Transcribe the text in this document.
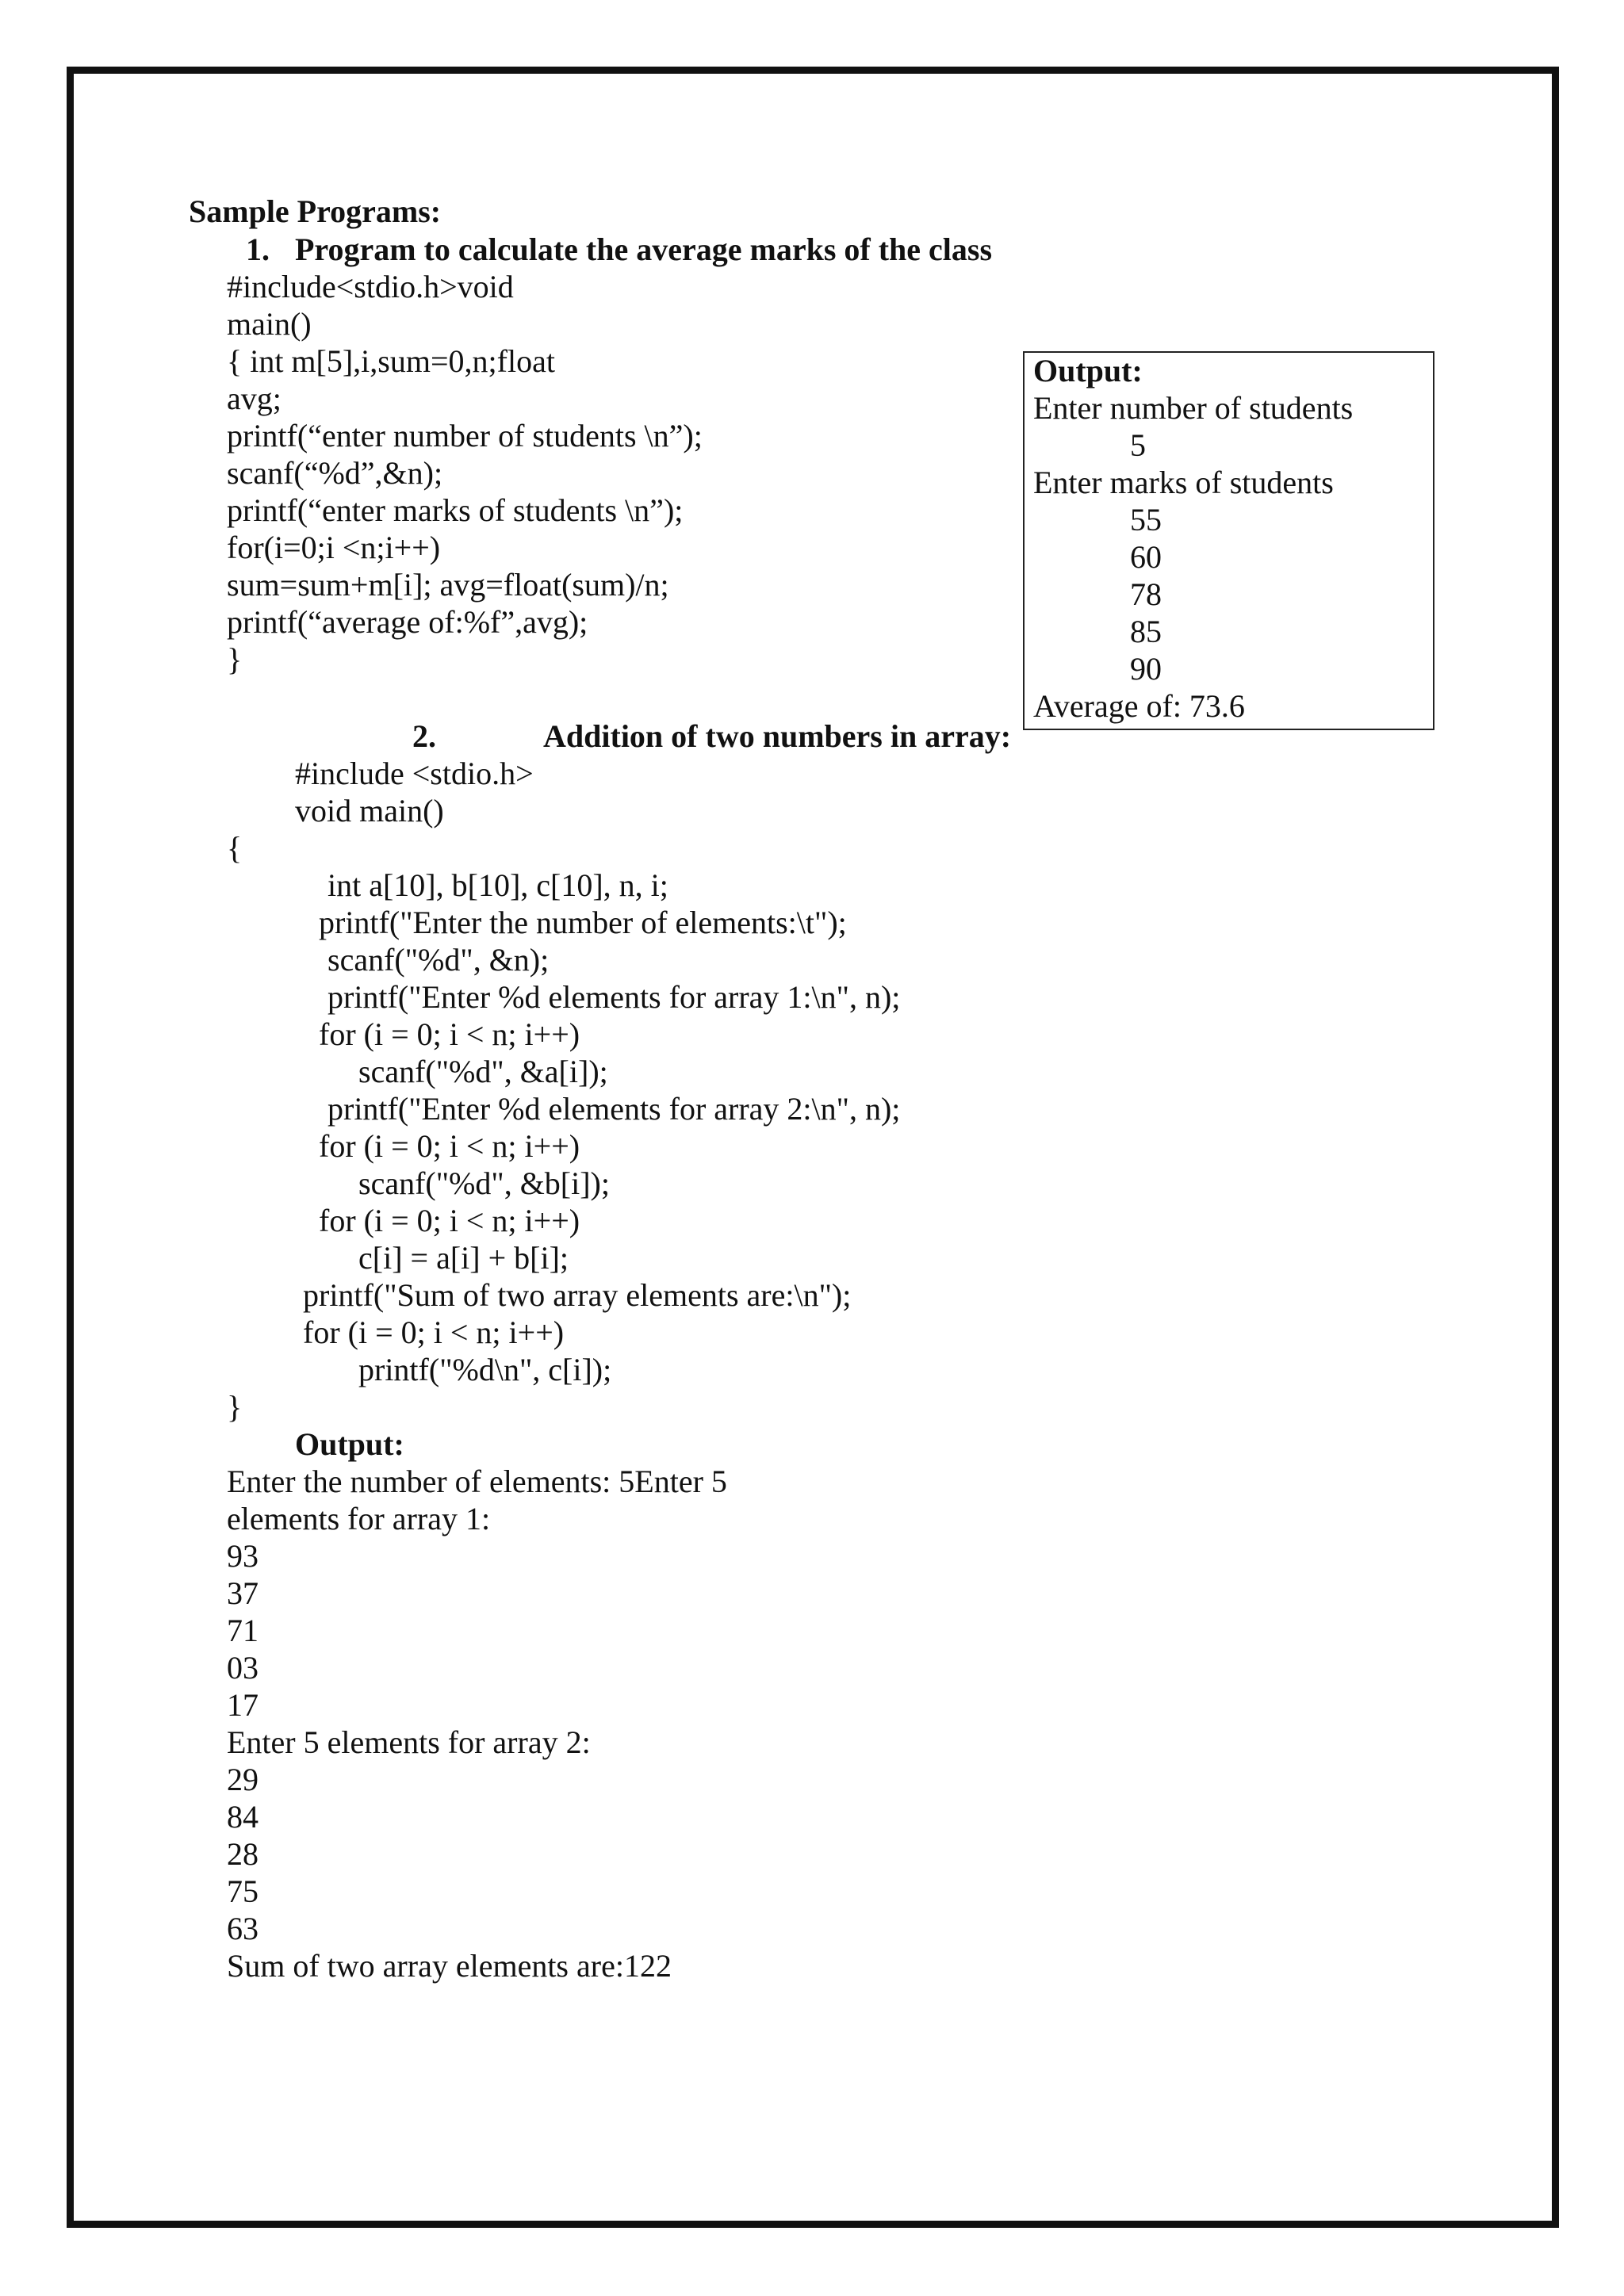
Sample Programs:
1. Program to calculate the average marks of the class
#include<stdio.h>void
main()
{ int m[5],i,sum=0,n;float
avg;
printf(“enter number of students \n”);
scanf(“%d”,&n);
printf(“enter marks of students \n”);
for(i=0;i <n;i++)
sum=sum+m[i]; avg=float(sum)/n;
printf(“average of:%f”,avg);
}
Output:
Enter number of students
5
Enter marks of students
55
60
78
85
90
Average of: 73.6
2.	Addition of two numbers in array:
#include <stdio.h>
void main()
{
int a[10], b[10], c[10], n, i;
printf("Enter the number of elements:\t");
scanf("%d", &n);
printf("Enter %d elements for array 1:\n", n);
for (i = 0; i < n; i++)
scanf("%d", &a[i]);
printf("Enter %d elements for array 2:\n", n);
for (i = 0; i < n; i++)
scanf("%d", &b[i]);
for (i = 0; i < n; i++)
c[i] = a[i] + b[i];
printf("Sum of two array elements are:\n");
for (i = 0; i < n; i++)
printf("%d\n", c[i]);
}
Output:
Enter the number of elements: 5Enter 5
elements for array 1:
93
37
71
03
17
Enter 5 elements for array 2:
29
84
28
75
63
Sum of two array elements are:122
